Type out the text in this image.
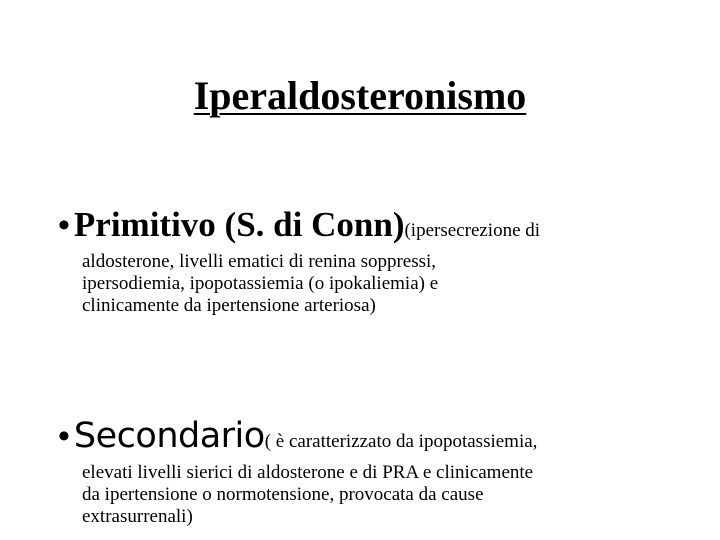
Iperaldosteronismo
• Primitivo (S. di Conn)(ipersecrezione di
aldosterone, livelli ematici di renina soppressi,
ipersodiemia, ipopotassiemia (o ipokaliemia) e
clinicamente da ipertensione arteriosa)
• Secondario( è caratterizzato da ipopotassiemia,
elevati livelli sierici di aldosterone e di PRA e clinicamente
da ipertensione o normotensione, provocata da cause
extrasurrenali)
